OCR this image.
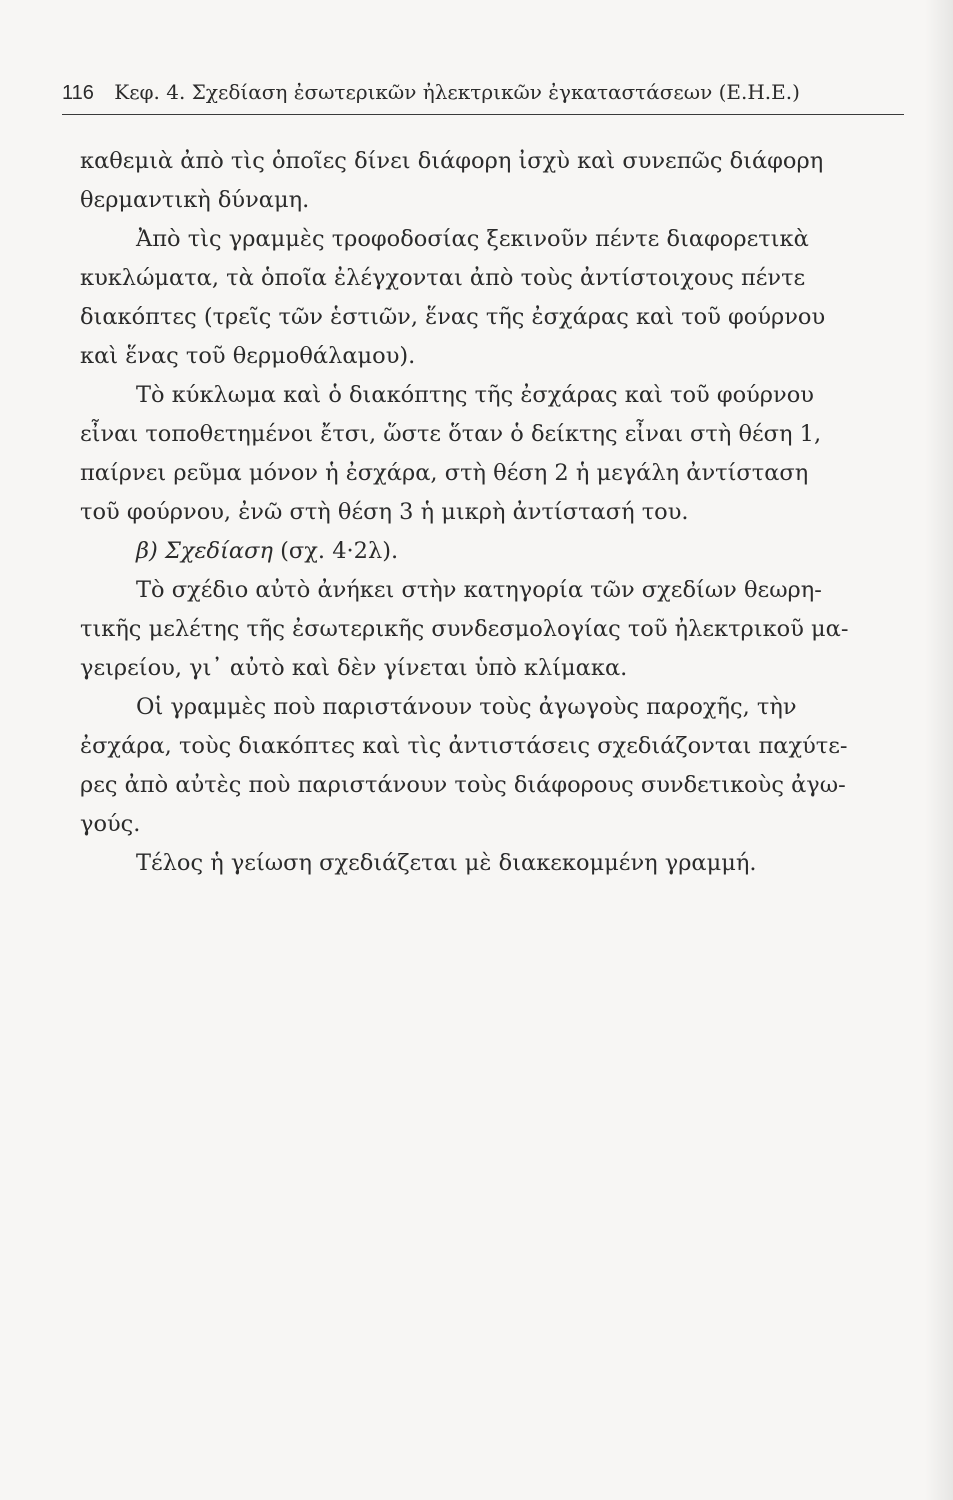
116 Κεφ. 4. Σχεδίαση ἐσωτερικῶν ἠλεκτρικῶν ἐγκαταστάσεων (Ε.Η.Ε.)
καθεμιὰ ἀπὸ τὶς ὁποῖες δίνει διάφορη ἰσχὺ καὶ συνεπῶς διάφορη
θερμαντικὴ δύναμη.
Ἀπὸ τὶς γραμμὲς τροφοδοσίας ξεκινοῦν πέντε διαφορετικὰ
κυκλώματα, τὰ ὁποῖα ἐλέγχονται ἀπὸ τοὺς ἀντίστοιχους πέντε
διακόπτες (τρεῖς τῶν ἑστιῶν, ἕνας τῆς ἐσχάρας καὶ τοῦ φούρνου
καὶ ἕνας τοῦ θερμοθάλαμου).
Τὸ κύκλωμα καὶ ὁ διακόπτης τῆς ἐσχάρας καὶ τοῦ φούρνου
εἶναι τοποθετημένοι ἔτσι, ὥστε ὅταν ὁ δείκτης εἶναι στὴ θέση 1,
παίρνει ρεῦμα μόνον ἡ ἐσχάρα, στὴ θέση 2 ἡ μεγάλη ἀντίσταση
τοῦ φούρνου, ἐνῶ στὴ θέση 3 ἡ μικρὴ ἀντίστασή του.
β) Σχεδίαση (σχ. 4·2λ).
Τὸ σχέδιο αὐτὸ ἀνήκει στὴν κατηγορία τῶν σχεδίων θεωρη-
τικῆς μελέτης τῆς ἐσωτερικῆς συνδεσμολογίας τοῦ ἠλεκτρικοῦ μα-
γειρείου, γι᾽ αὐτὸ καὶ δὲν γίνεται ὑπὸ κλίμακα.
Οἱ γραμμὲς ποὺ παριστάνουν τοὺς ἀγωγοὺς παροχῆς, τὴν
ἐσχάρα, τοὺς διακόπτες καὶ τὶς ἀντιστάσεις σχεδιάζονται παχύτε-
ρες ἀπὸ αὐτὲς ποὺ παριστάνουν τοὺς διάφορους συνδετικοὺς ἀγω-
γούς.
Τέλος ἡ γείωση σχεδιάζεται μὲ διακεκομμένη γραμμή.
